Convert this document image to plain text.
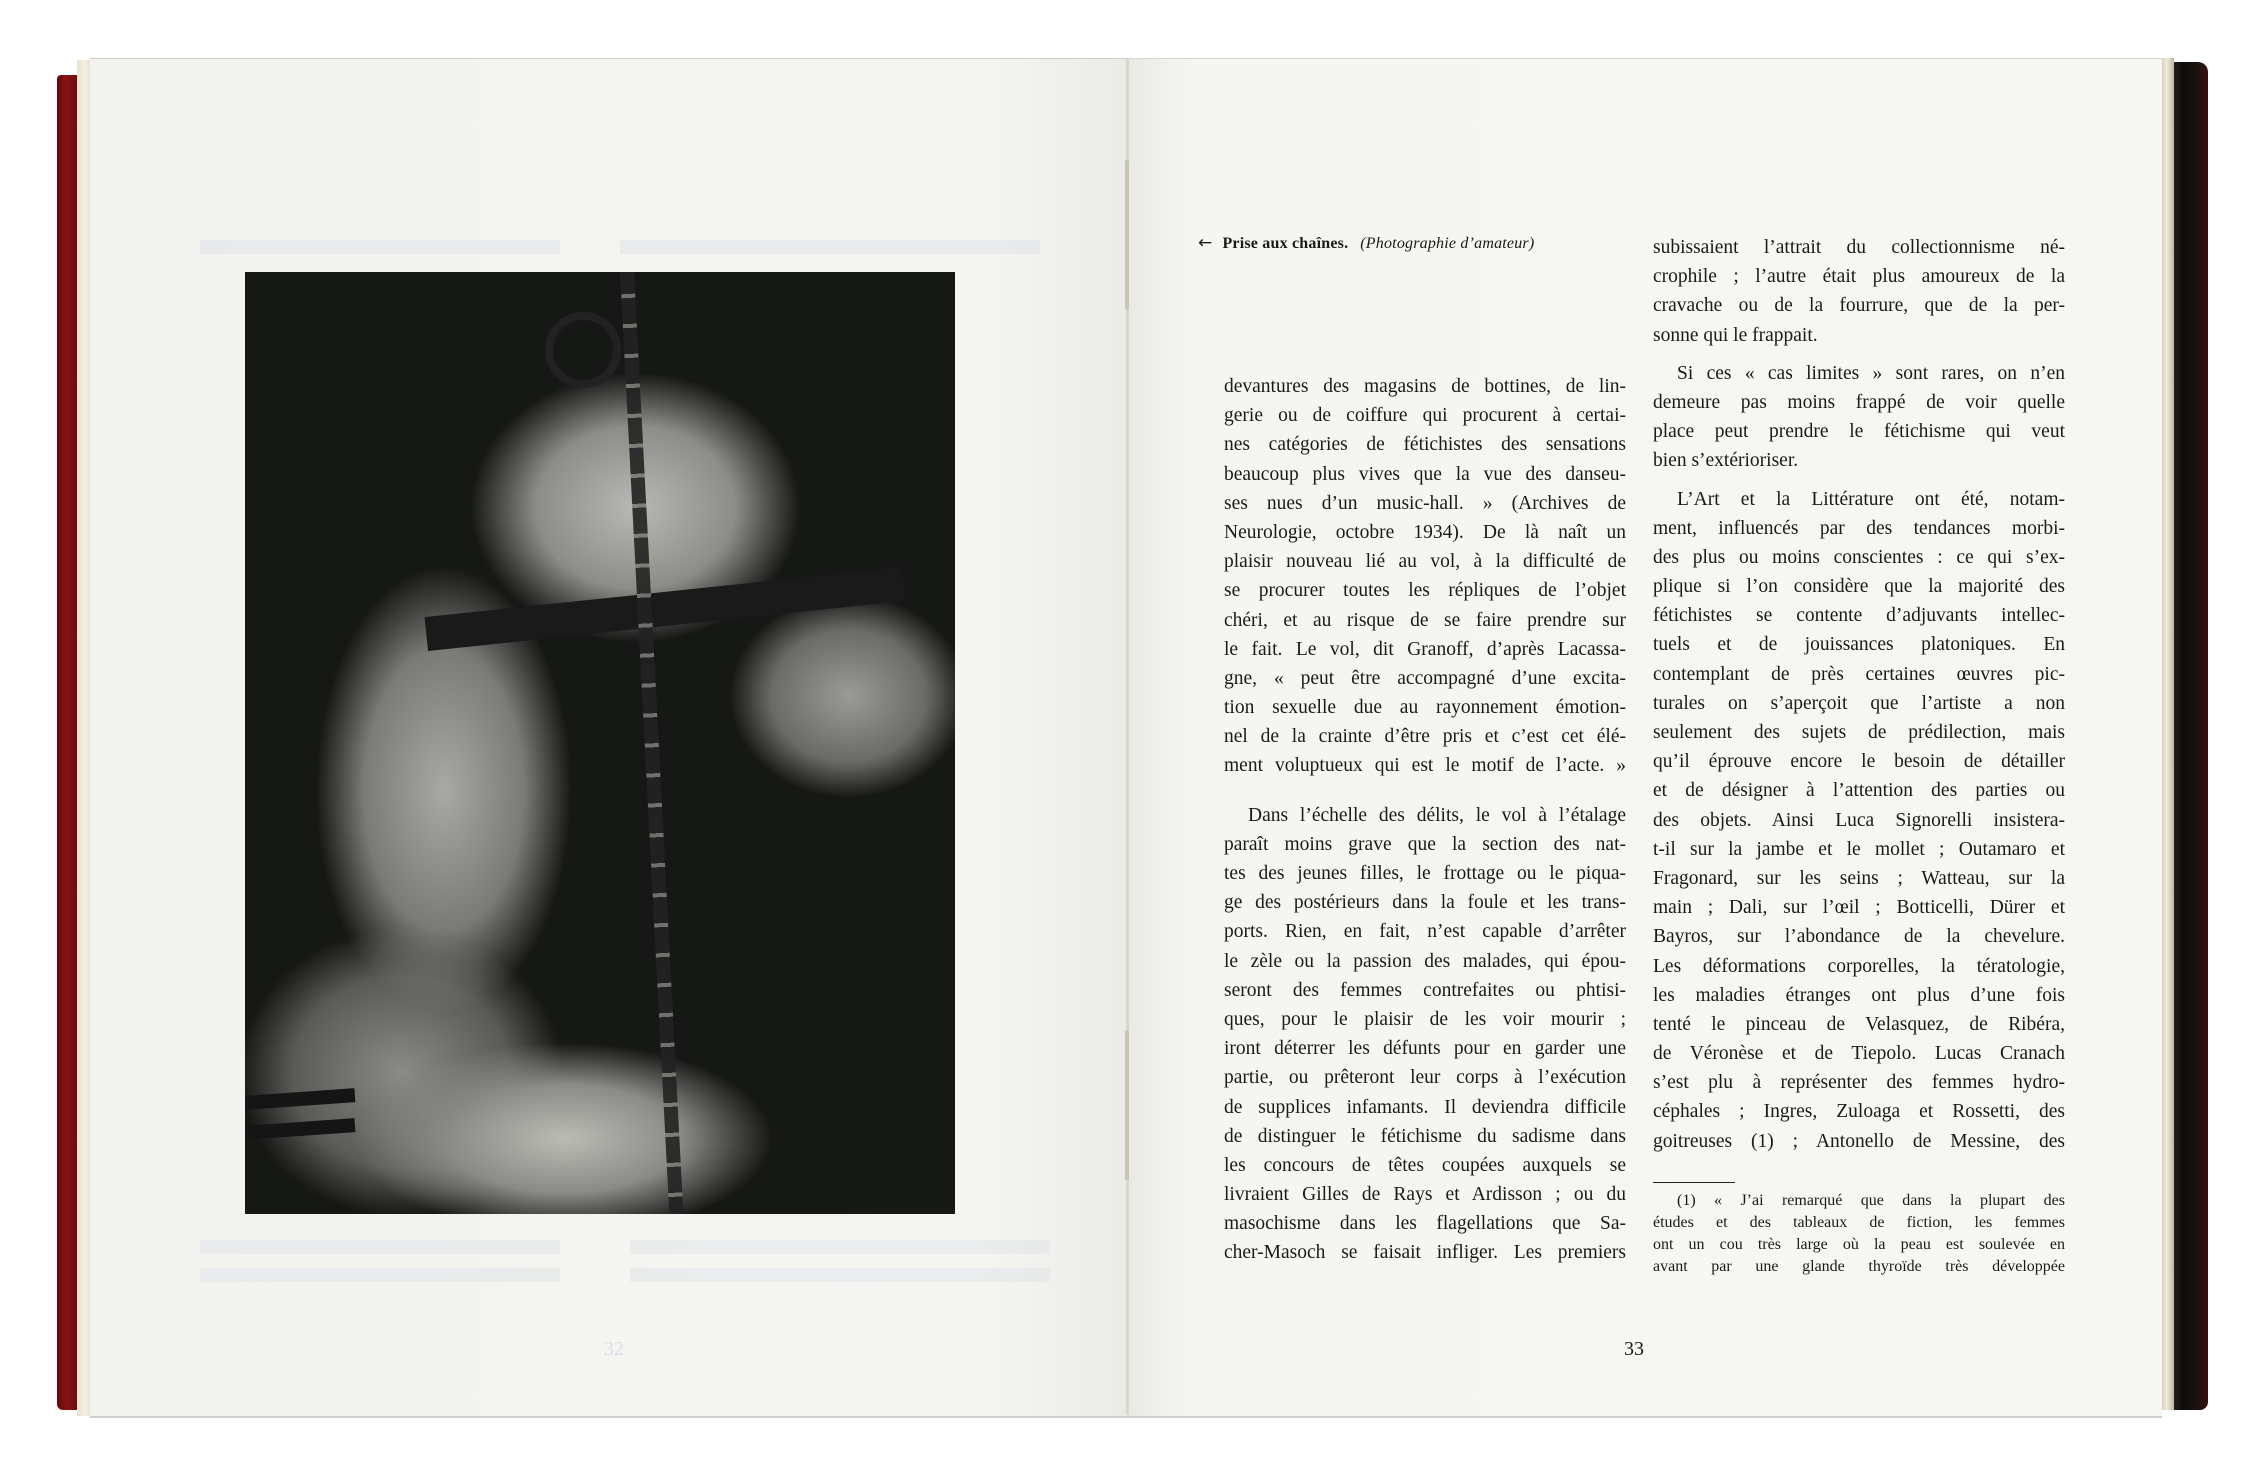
32
← Prise aux chaînes. (Photographie d’amateur)
devantures des magasins de bottines, de lin-
gerie ou de coiffure qui procurent à certai-
nes catégories de fétichistes des sensations
beaucoup plus vives que la vue des danseu-
ses nues d’un music-hall. » (Archives de
Neurologie, octobre 1934). De là naît un
plaisir nouveau lié au vol, à la difficulté de
se procurer toutes les répliques de l’objet
chéri, et au risque de se faire prendre sur
le fait. Le vol, dit Granoff, d’après Lacassa-
gne, « peut être accompagné d’une excita-
tion sexuelle due au rayonnement émotion-
nel de la crainte d’être pris et c’est cet élé-
ment voluptueux qui est le motif de l’acte. »
Dans l’échelle des délits, le vol à l’étalage
paraît moins grave que la section des nat-
tes des jeunes filles, le frottage ou le piqua-
ge des postérieurs dans la foule et les trans-
ports. Rien, en fait, n’est capable d’arrêter
le zèle ou la passion des malades, qui épou-
seront des femmes contrefaites ou phtisi-
ques, pour le plaisir de les voir mourir ;
iront déterrer les défunts pour en garder une
partie, ou prêteront leur corps à l’exécution
de supplices infamants. Il deviendra difficile
de distinguer le fétichisme du sadisme dans
les concours de têtes coupées auxquels se
livraient Gilles de Rays et Ardisson ; ou du
masochisme dans les flagellations que Sa-
cher-Masoch se faisait infliger. Les premiers
subissaient l’attrait du collectionnisme né-
crophile ; l’autre était plus amoureux de la
cravache ou de la fourrure, que de la per-
sonne qui le frappait.
Si ces « cas limites » sont rares, on n’en
demeure pas moins frappé de voir quelle
place peut prendre le fétichisme qui veut
bien s’extérioriser.
L’Art et la Littérature ont été, notam-
ment, influencés par des tendances morbi-
des plus ou moins conscientes : ce qui s’ex-
plique si l’on considère que la majorité des
fétichistes se contente d’adjuvants intellec-
tuels et de jouissances platoniques. En
contemplant de près certaines œuvres pic-
turales on s’aperçoit que l’artiste a non
seulement des sujets de prédilection, mais
qu’il éprouve encore le besoin de détailler
et de désigner à l’attention des parties ou
des objets. Ainsi Luca Signorelli insistera-
t-il sur la jambe et le mollet ; Outamaro et
Fragonard, sur les seins ; Watteau, sur la
main ; Dali, sur l’œil ; Botticelli, Dürer et
Bayros, sur l’abondance de la chevelure.
Les déformations corporelles, la tératologie,
les maladies étranges ont plus d’une fois
tenté le pinceau de Velasquez, de Ribéra,
de Véronèse et de Tiepolo. Lucas Cranach
s’est plu à représenter des femmes hydro-
céphales ; Ingres, Zuloaga et Rossetti, des
goitreuses (1) ; Antonello de Messine, des
(1) « J’ai remarqué que dans la plupart des
études et des tableaux de fiction, les femmes
ont un cou très large où la peau est soulevée en
avant par une glande thyroïde très développée
33
